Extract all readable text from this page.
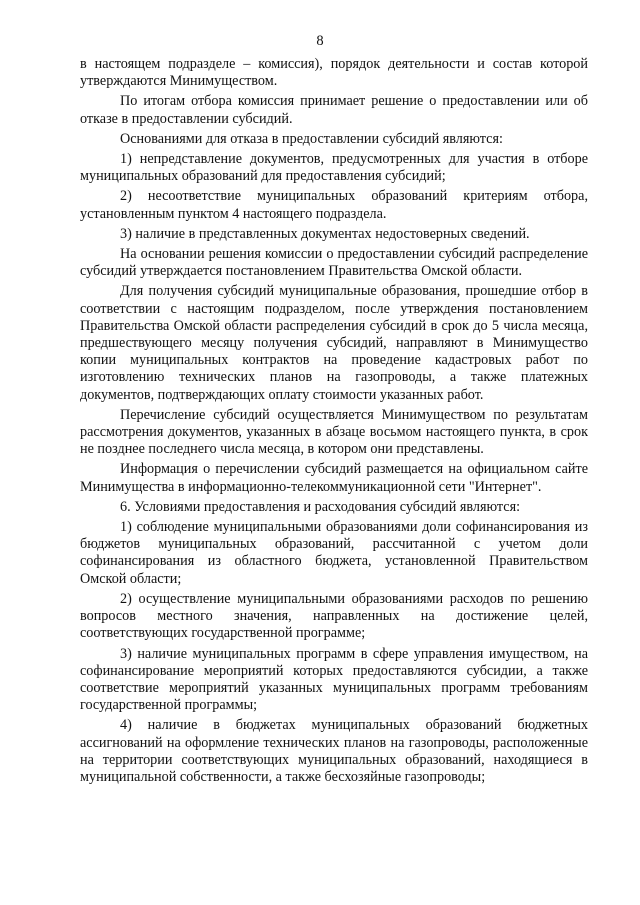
8

в настоящем подразделе – комиссия), порядок деятельности и состав которой утверждаются Минимуществом.

По итогам отбора комиссия принимает решение о предоставлении или об отказе в предоставлении субсидий.

Основаниями для отказа в предоставлении субсидий являются:

1) непредставление документов, предусмотренных для участия в отборе муниципальных образований для предоставления субсидий;

2) несоответствие муниципальных образований критериям отбора, установленным пунктом 4 настоящего подраздела.

3) наличие в представленных документах недостоверных сведений.

На основании решения комиссии о предоставлении субсидий распределение субсидий утверждается постановлением Правительства Омской области.

Для получения субсидий муниципальные образования, прошедшие отбор в соответствии с настоящим подразделом, после утверждения постановлением Правительства Омской области распределения субсидий в срок до 5 числа месяца, предшествующего месяцу получения субсидий, направляют в Минимущество копии муниципальных контрактов на проведение кадастровых работ по изготовлению технических планов на газопроводы, а также платежных документов, подтверждающих оплату стоимости указанных работ.

Перечисление субсидий осуществляется Минимуществом по результатам рассмотрения документов, указанных в абзаце восьмом настоящего пункта, в срок не позднее последнего числа месяца, в котором они представлены.

Информация о перечислении субсидий размещается на официальном сайте Минимущества в информационно-телекоммуникационной сети "Интернет".

6. Условиями предоставления и расходования субсидий являются:

1) соблюдение муниципальными образованиями доли софинансирования из бюджетов муниципальных образований, рассчитанной с учетом доли софинансирования из областного бюджета, установленной Правительством Омской области;

2) осуществление муниципальными образованиями расходов по решению вопросов местного значения, направленных на достижение целей, соответствующих государственной программе;

3) наличие муниципальных программ в сфере управления имуществом, на софинансирование мероприятий которых предоставляются субсидии, а также соответствие мероприятий указанных муниципальных программ требованиям государственной программы;

4) наличие в бюджетах муниципальных образований бюджетных ассигнований на оформление технических планов на газопроводы, расположенные на территории соответствующих муниципальных образований, находящиеся в муниципальной собственности, а также бесхозяйные газопроводы;
